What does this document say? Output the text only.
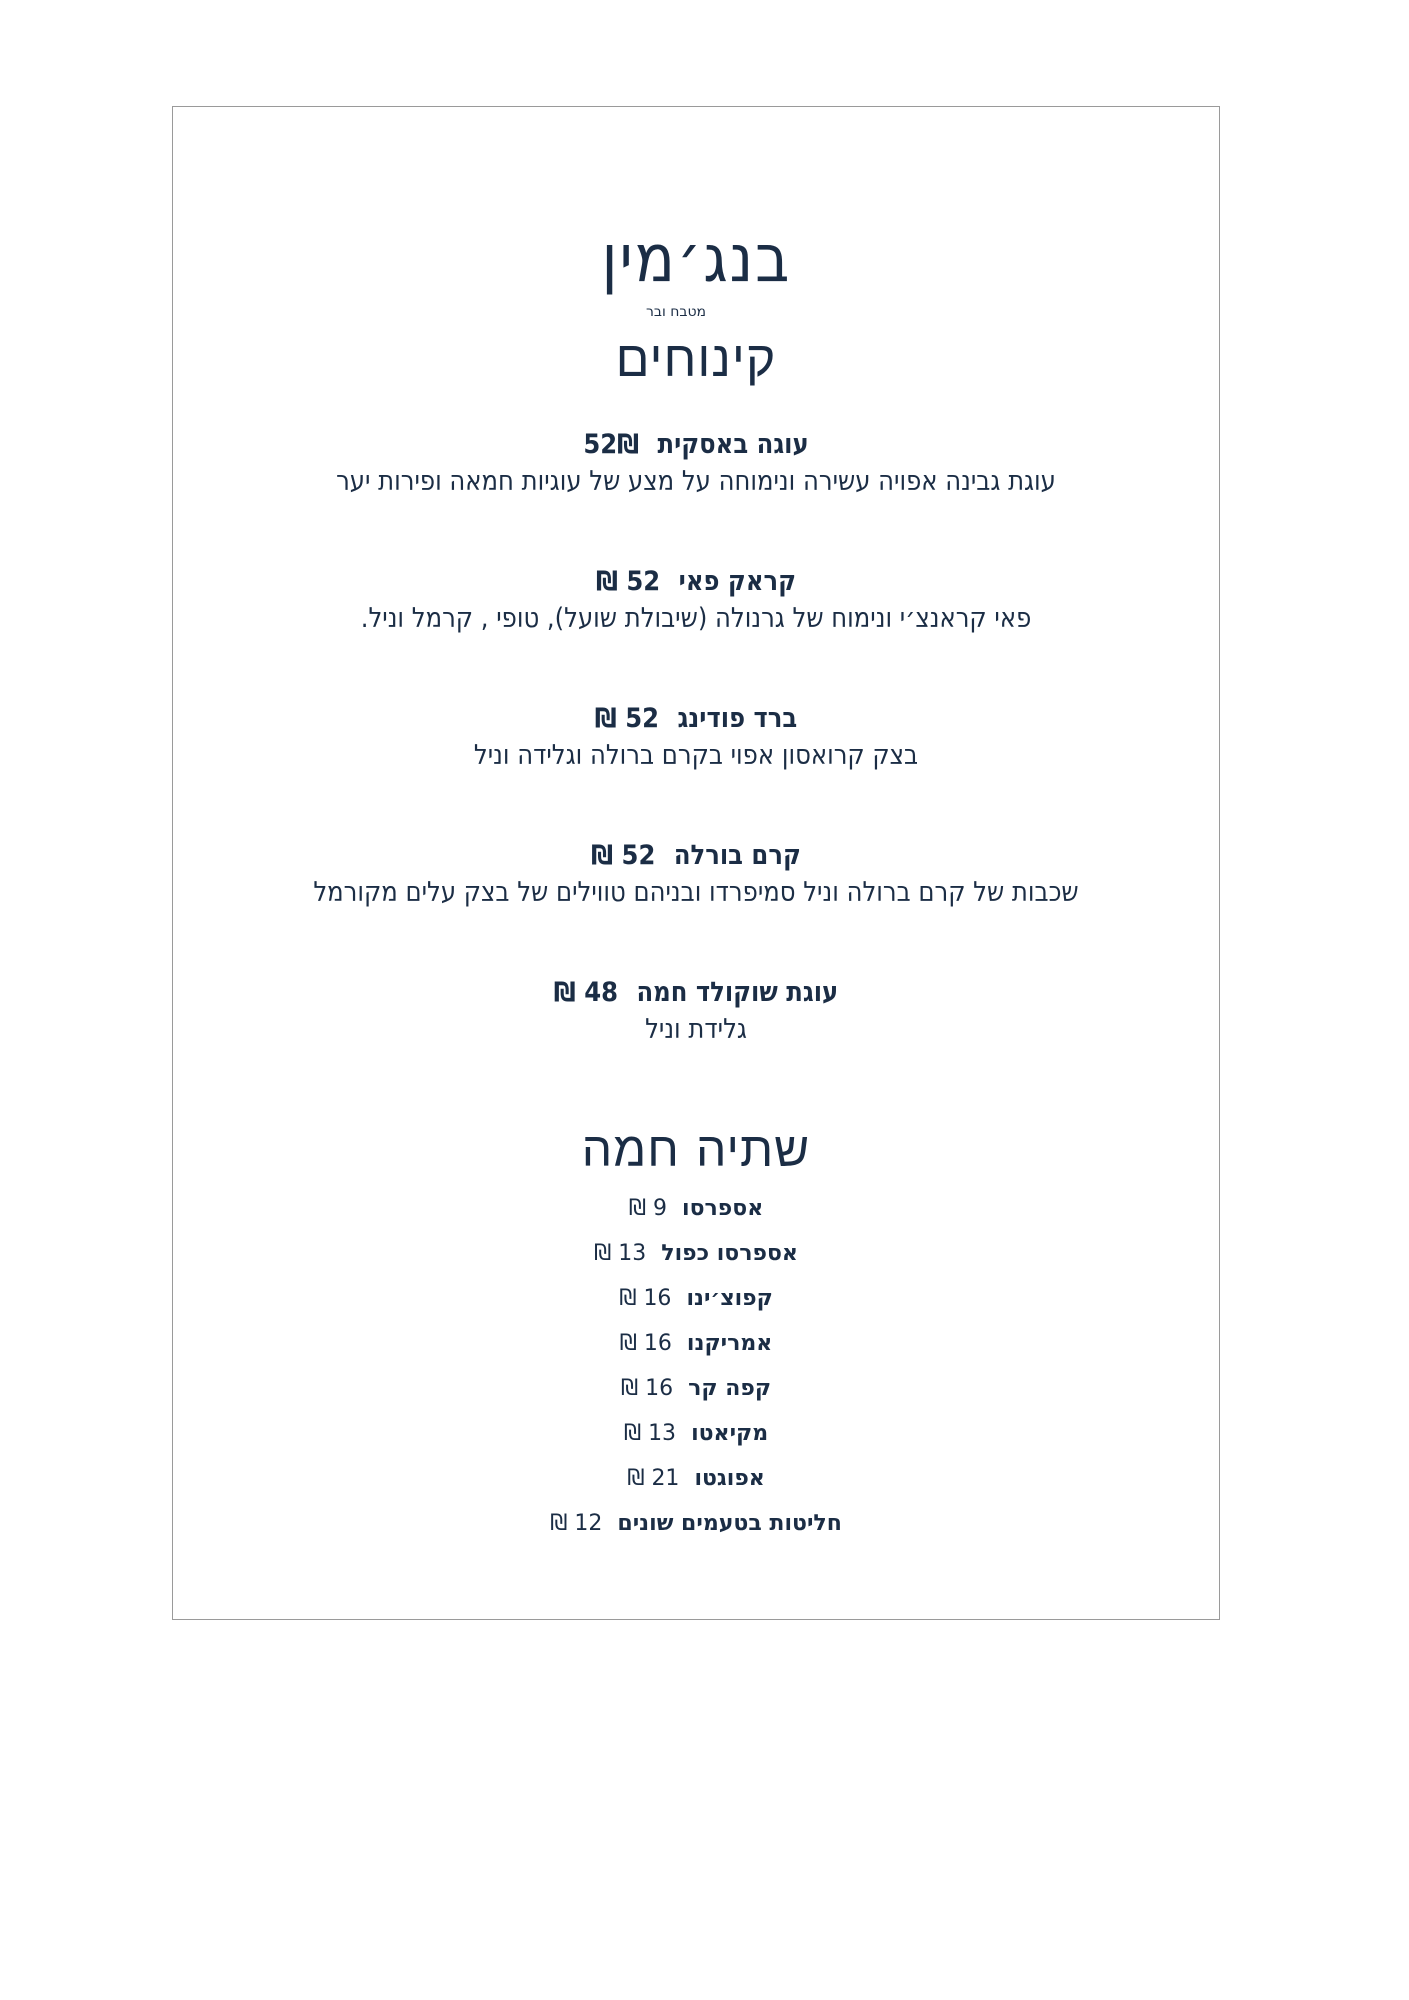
בנג׳מין
מטבח ובר
קינוחים
עוגה באסקית 52₪
עוגת גבינה אפויה עשירה ונימוחה על מצע של עוגיות חמאה ופירות יער
קראק פאי 52 ₪
פאי קראנצ׳י ונימוח של גרנולה (שיבולת שועל), טופי , קרמל וניל.
ברד פודינג 52 ₪
בצק קרואסון אפוי בקרם ברולה וגלידה וניל
קרם בורלה 52 ₪
שכבות של קרם ברולה וניל סמיפרדו ובניהם טווילים של בצק עלים מקורמל
עוגת שוקולד חמה 48 ₪
גלידת וניל
שתיה חמה
אספרסו 9 ₪
אספרסו כפול 13 ₪
קפוצ׳ינו 16 ₪
אמריקנו 16 ₪
קפה קר 16 ₪
מקיאטו 13 ₪
אפוגטו 21 ₪
חליטות בטעמים שונים 12 ₪
